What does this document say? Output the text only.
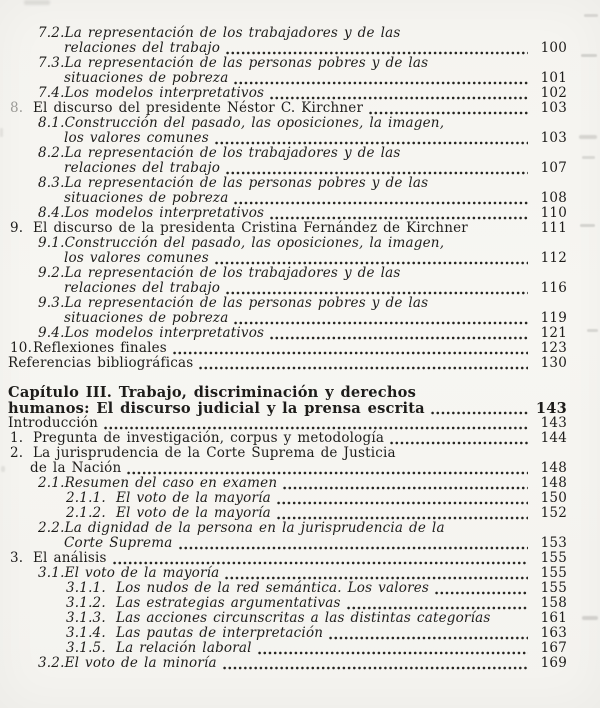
7.2. La representación de los trabajadores y de las
relaciones del trabajo	100
7.3. La representación de las personas pobres y de las
situaciones de pobreza	101
7.4. Los modelos interpretativos	102
8. El discurso del presidente Néstor C. Kirchner	103
8.1. Construcción del pasado, las oposiciones, la imagen,
los valores comunes	103
8.2. La representación de los trabajadores y de las
relaciones del trabajo	107
8.3. La representación de las personas pobres y de las
situaciones de pobreza	108
8.4. Los modelos interpretativos	110
9. El discurso de la presidenta Cristina Fernández de Kirchner	111
9.1. Construcción del pasado, las oposiciones, la imagen,
los valores comunes	112
9.2. La representación de los trabajadores y de las
relaciones del trabajo	116
9.3. La representación de las personas pobres y de las
situaciones de pobreza	119
9.4. Los modelos interpretativos	121
10. Reflexiones finales	123
Referencias bibliográficas	130
Capítulo III. Trabajo, discriminación y derechos
humanos: El discurso judicial y la prensa escrita	143
Introducción	143
1. Pregunta de investigación, corpus y metodología	144
2. La jurisprudencia de la Corte Suprema de Justicia
de la Nación	148
2.1. Resumen del caso en examen	148
2.1.1. El voto de la mayoría	150
2.1.2. El voto de la mayoría	152
2.2. La dignidad de la persona en la jurisprudencia de la
Corte Suprema	153
3. El análisis	155
3.1. El voto de la mayoría	155
3.1.1. Los nudos de la red semántica. Los valores	155
3.1.2. Las estrategias argumentativas	158
3.1.3. Las acciones circunscritas a las distintas categorías	161
3.1.4. Las pautas de interpretación	163
3.1.5. La relación laboral	167
3.2. El voto de la minoría	169
